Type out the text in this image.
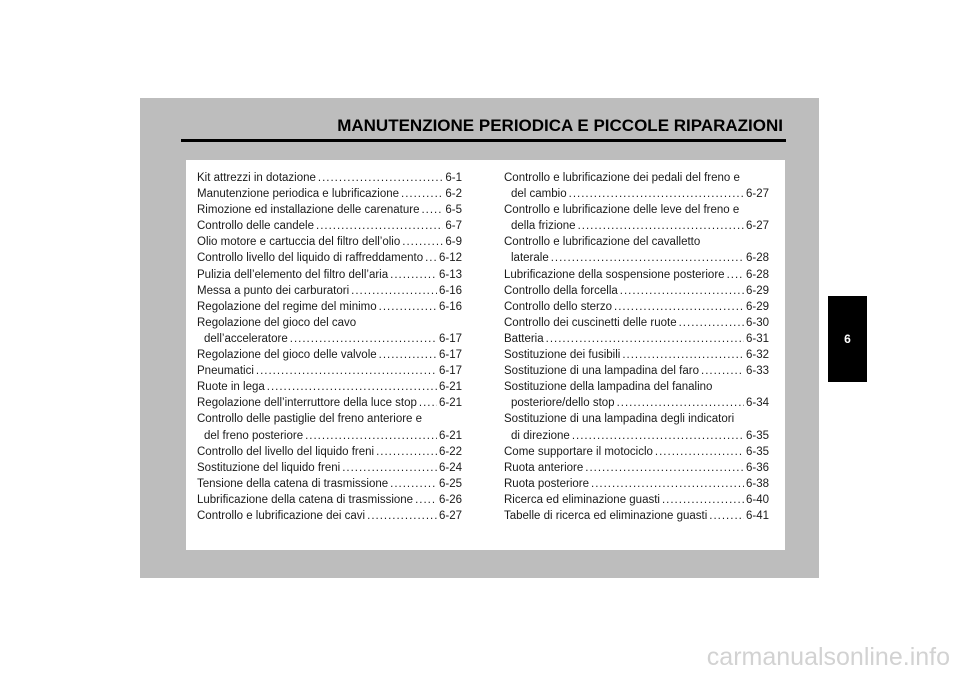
MANUTENZIONE PERIODICA E PICCOLE RIPARAZIONI
Kit attrezzi in dotazione .....	6-1
Manutenzione periodica e lubrificazione .....	6-2
Rimozione ed installazione delle carenature ..... 6-5
Controllo delle candele .....	6-7
Olio motore e cartuccia del filtro dell’olio .....	6-9
Controllo livello del liquido di raffreddamento ..... 6-12
Pulizia dell’elemento del filtro dell’aria .....	6-13
Messa a punto dei carburatori .....	6-16
Regolazione del regime del minimo .....	6-16
Regolazione del gioco del cavo
dell’acceleratore .....	6-17
Regolazione del gioco delle valvole .....	6-17
Pneumatici .....	6-17
Ruote in lega .....	6-21
Regolazione dell’interruttore della luce stop ..... 6-21
Controllo delle pastiglie del freno anteriore e
del freno posteriore .....	6-21
Controllo del livello del liquido freni .....	6-22
Sostituzione del liquido freni .....	6-24
Tensione della catena di trasmissione .....	6-25
Lubrificazione della catena di trasmissione ..... 6-26
Controllo e lubrificazione dei cavi .....	6-27
Controllo e lubrificazione dei pedali del freno e
del cambio .....	6-27
Controllo e lubrificazione delle leve del freno e
della frizione .....	6-27
Controllo e lubrificazione del cavalletto
laterale .....	6-28
Lubrificazione della sospensione posteriore ..... 6-28
Controllo della forcella .....	6-29
Controllo dello sterzo .....	6-29
Controllo dei cuscinetti delle ruote .....	6-30
Batteria .....	6-31
Sostituzione dei fusibili .....	6-32
Sostituzione di una lampadina del faro .....	6-33
Sostituzione della lampadina del fanalino
posteriore/dello stop .....	6-34
Sostituzione di una lampadina degli indicatori
di direzione .....	6-35
Come supportare il motociclo .....	6-35
Ruota anteriore .....	6-36
Ruota posteriore .....	6-38
Ricerca ed eliminazione guasti .....	6-40
Tabelle di ricerca ed eliminazione guasti .....	6-41
6
carmanualsonline.info
